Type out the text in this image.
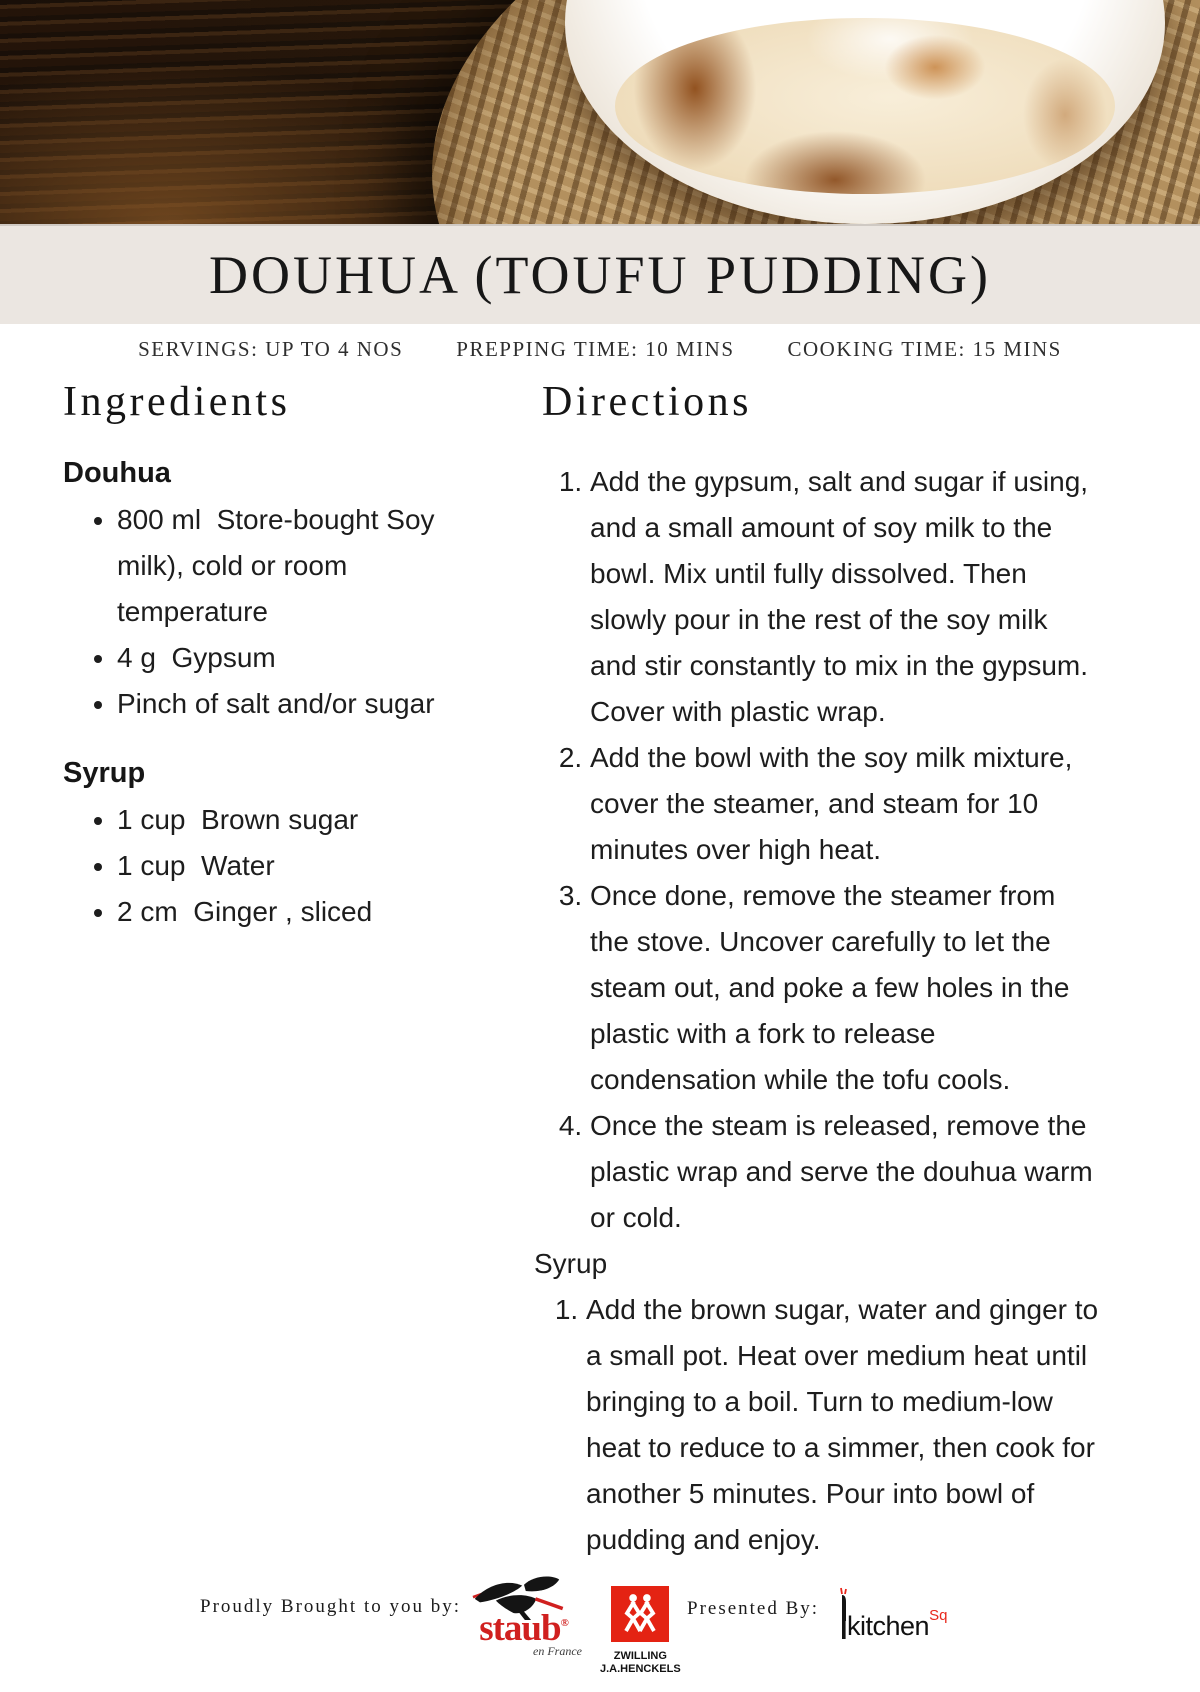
DOUHUA (TOUFU PUDDING)
SERVINGS: UP TO 4 NOS	PREPPING TIME: 10 MINS	COOKING TIME: 15 MINS
Ingredients
Douhua
• 800 ml  Store-bought Soy milk), cold or room temperature
• 4 g  Gypsum
• Pinch of salt and/or sugar
Syrup
• 1 cup  Brown sugar
• 1 cup  Water
• 2 cm  Ginger , sliced
Directions
1. Add the gypsum, salt and sugar if using, and a small amount of soy milk to the bowl. Mix until fully dissolved. Then slowly pour in the rest of the soy milk and stir constantly to mix in the gypsum. Cover with plastic wrap.
2. Add the bowl with the soy milk mixture, cover the steamer, and steam for 10 minutes over high heat.
3. Once done, remove the steamer from the stove. Uncover carefully to let the steam out, and poke a few holes in the plastic with a fork to release condensation while the tofu cools.
4. Once the steam is released, remove the plastic wrap and serve the douhua warm or cold.

Syrup

1. Add the brown sugar, water and ginger to a small pot. Heat over medium heat until bringing to a boil. Turn to medium-low heat to reduce to a simmer, then cook for another 5 minutes. Pour into bowl of pudding and enjoy.
Proudly Brought to you by:
staub®
en France	ZWILLING
J.A.HENCKELS
Presented By:
kitchen Sq
